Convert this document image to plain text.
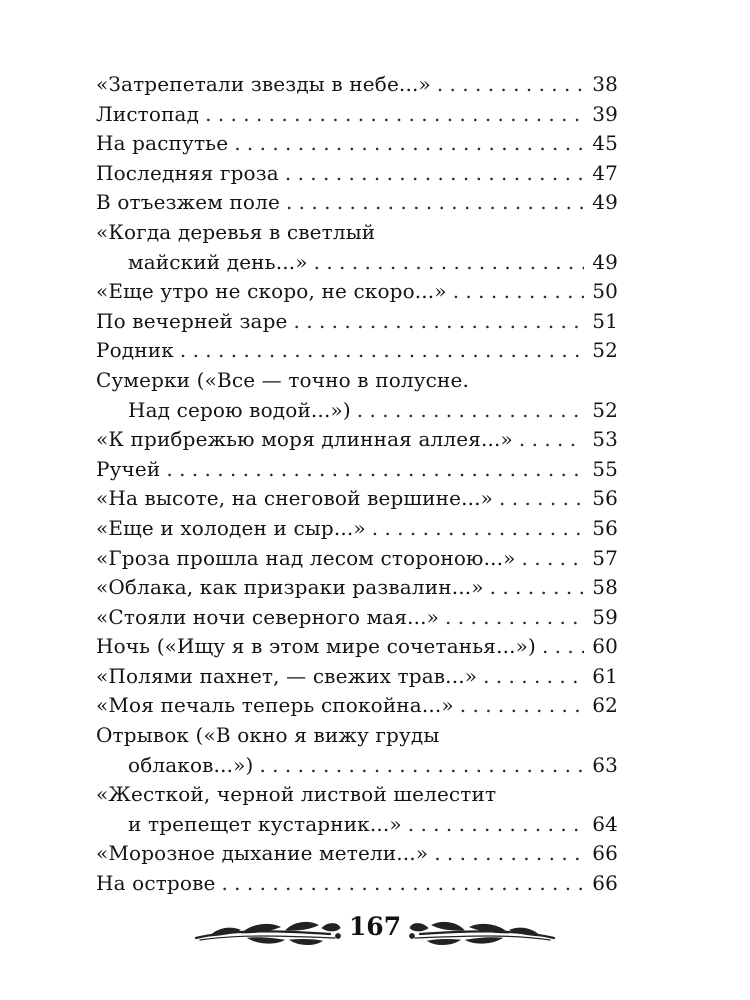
«Затрепетали звезды в небе...» . . .	38
Листопад . . .	39
На распутье . . .	45
Последняя гроза . . .	47
В отъезжем поле . . .	49
«Когда деревья в светлый
майский день...» . . .	49
«Еще утро не скоро, не скоро...» . . .	50
По вечерней заре . . .	51
Родник . . .	52
Сумерки («Все — точно в полусне.
Над серою водой...») . . .	52
«К прибрежью моря длинная аллея...» . . .	53
Ручей . . .	55
«На высоте, на снеговой вершине...» . . .	56
«Еще и холоден и сыр...» . . .	56
«Гроза прошла над лесом стороною...» . . .	57
«Облака, как призраки развалин...» . . .	58
«Стояли ночи северного мая...» . . .	59
Ночь («Ищу я в этом мире сочетанья...») . . .	60
«Полями пахнет, — свежих трав...» . . .	61
«Моя печаль теперь спокойна...» . . .	62
Отрывок («В окно я вижу груды
облаков...») . . .	63
«Жесткой, черной листвой шелестит
и трепещет кустарник...» . . .	64
«Морозное дыхание метели...» . . .	66
На острове . . .	66
167
